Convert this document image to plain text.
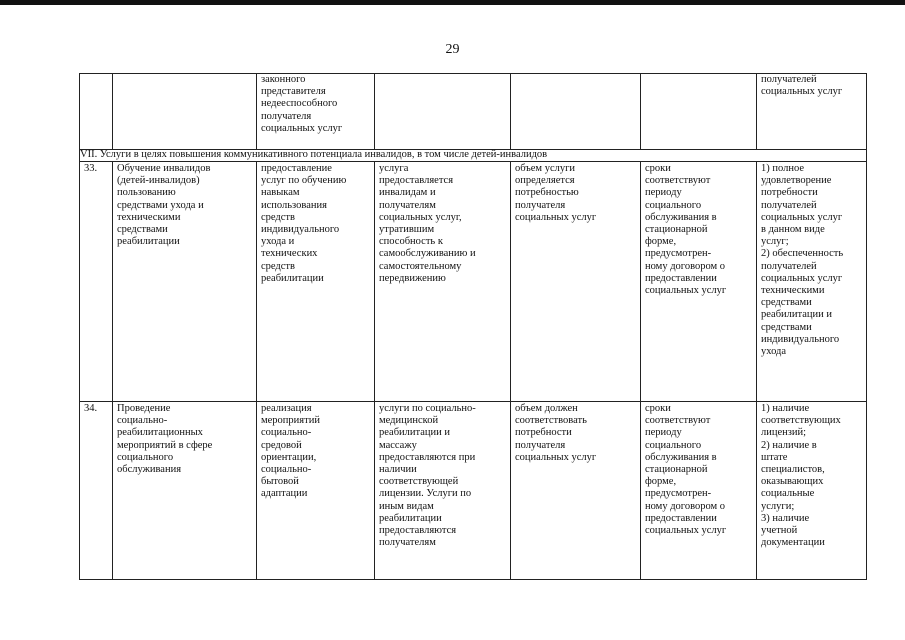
29
законного
представителя
недееспособного
получателя
социальных услуг
получателей
социальных услуг
VII. Услуги в целях повышения коммуникативного потенциала инвалидов, в том числе детей-инвалидов
33.	Обучение инвалидов
(детей-инвалидов)
пользованию
средствами ухода и
техническими
средствами
реабилитации
предоставление
услуг по обучению
навыкам
использования
средств
индивидуального
ухода и
технических
средств
реабилитации
услуга
предоставляется
инвалидам и
получателям
социальных услуг,
утратившим
способность к
самообслуживанию и
самостоятельному
передвижению
объем услуги
определяется
потребностью
получателя
социальных услуг
сроки
соответствуют
периоду
социального
обслуживания в
стационарной
форме,
предусмотрен-
ному договором о
предоставлении
социальных услуг
1) полное
удовлетворение
потребности
получателей
социальных услуг
в данном виде
услуг;
2) обеспеченность
получателей
социальных услуг
техническими
средствами
реабилитации и
средствами
индивидуального
ухода
34.	Проведение
социально-
реабилитационных
мероприятий в сфере
социального
обслуживания
реализация
мероприятий
социально-
средовой
ориентации,
социально-
бытовой
адаптации
услуги по социально-
медицинской
реабилитации и
массажу
предоставляются при
наличии
соответствующей
лицензии. Услуги по
иным видам
реабилитации
предоставляются
получателям
объем должен
соответствовать
потребности
получателя
социальных услуг
сроки
соответствуют
периоду
социального
обслуживания в
стационарной
форме,
предусмотрен-
ному договором о
предоставлении
социальных услуг
1) наличие
соответствующих
лицензий;
2) наличие в
штате
специалистов,
оказывающих
социальные
услуги;
3) наличие
учетной
документации
